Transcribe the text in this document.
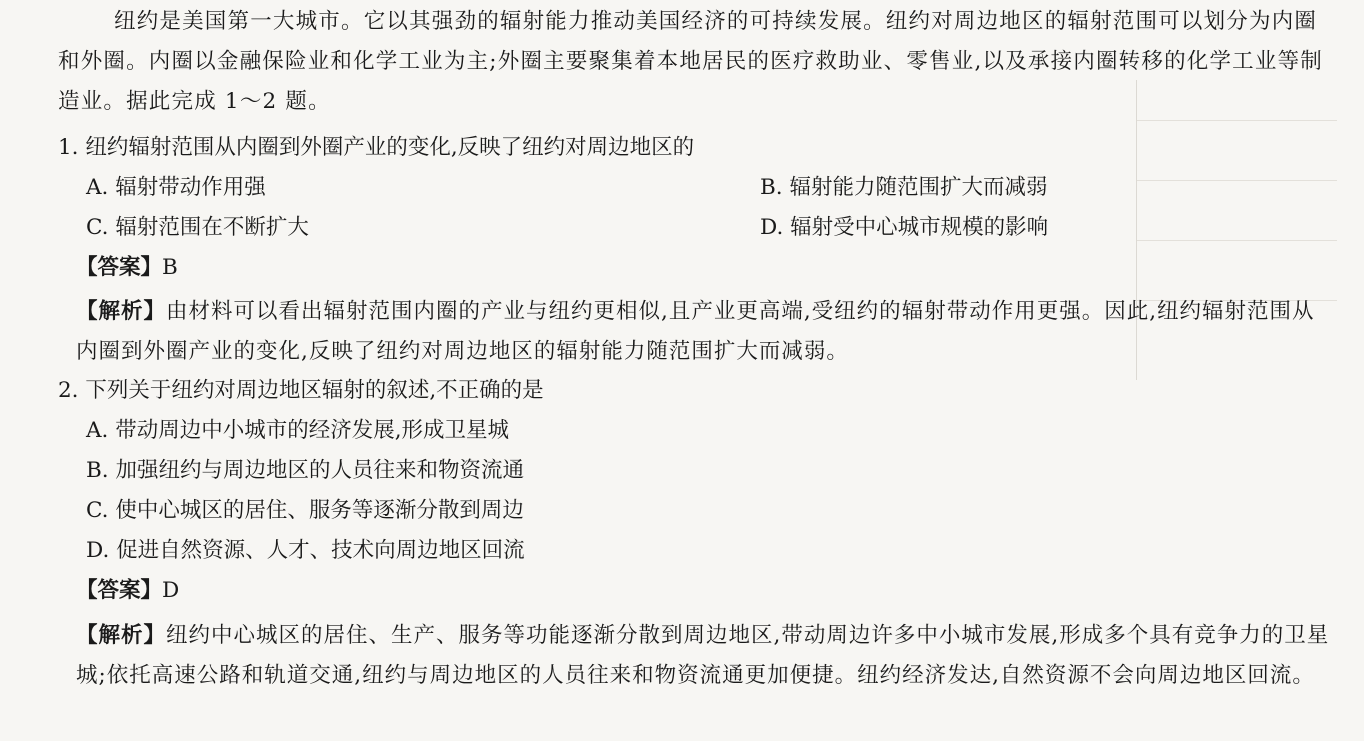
纽约是美国第一大城市。它以其强劲的辐射能力推动美国经济的可持续发展。纽约对周边地区的辐射范围可以划分为内圈和外圈。内圈以金融保险业和化学工业为主;外圈主要聚集着本地居民的医疗救助业、零售业,以及承接内圈转移的化学工业等制造业。据此完成 1～2 题。
1. 纽约辐射范围从内圈到外圈产业的变化,反映了纽约对周边地区的
A. 辐射带动作用强	B. 辐射能力随范围扩大而减弱
C. 辐射范围在不断扩大	D. 辐射受中心城市规模的影响
【答案】B
【解析】由材料可以看出辐射范围内圈的产业与纽约更相似,且产业更高端,受纽约的辐射带动作用更强。因此,纽约辐射范围从内圈到外圈产业的变化,反映了纽约对周边地区的辐射能力随范围扩大而减弱。
2. 下列关于纽约对周边地区辐射的叙述,不正确的是
A. 带动周边中小城市的经济发展,形成卫星城
B. 加强纽约与周边地区的人员往来和物资流通
C. 使中心城区的居住、服务等逐渐分散到周边
D. 促进自然资源、人才、技术向周边地区回流
【答案】D
【解析】纽约中心城区的居住、生产、服务等功能逐渐分散到周边地区,带动周边许多中小城市发展,形成多个具有竞争力的卫星城;依托高速公路和轨道交通,纽约与周边地区的人员往来和物资流通更加便捷。纽约经济发达,自然资源不会向周边地区回流。
